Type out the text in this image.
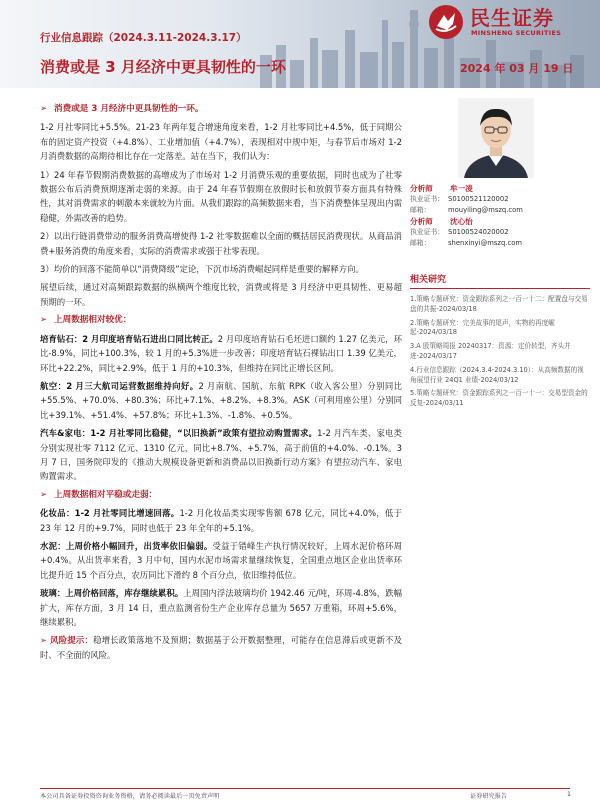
民生证券
MINSHENG SECURITIES
行业信息跟踪（2024.3.11-2024.3.17）
消费或是 3 月经济中更具韧性的一环	2024 年 03 月 19 日
➢ 消费或是 3 月经济中更具韧性的一环。

1-2 月社零同比+5.5%。21-23 年两年复合增速角度来看，1-2 月社零同比+4.5%，低于同期公布的固定资产投资（+4.8%）、工业增加值（+4.7%），表现相对中规中矩，与春节后市场对 1-2 月消费数据的高期待相比存在一定落差。站在当下，我们认为：

1）24 年春节假期消费数据的高增成为了市场对 1-2 月消费乐观的重要依据，同时也成为了社零数据公布后消费预期逐渐走弱的来源。由于 24 年春节假期在放假时长和放假节奏方面具有特殊性，其对消费需求的刺激本来就较为片面。从我们跟踪的高频数据来看，当下消费整体呈现出内需稳健，外需改善的趋势。

2）以出行链消费带动的服务消费高增使得 1-2 社零数据难以全面的概括居民消费现状。从商品消费+服务消费的角度来看，实际的消费需求或强于社零表现。

3）均价的回落不能简单以“消费降级”定论，下沉市场消费崛起同样是重要的解释方向。

展望后续，通过对高频跟踪数据的纵横两个维度比较，消费或将是 3 月经济中更具韧性、更易超预期的一环。

➢ 上周数据相对较优：

培育钻石：2 月印度培育钻石进出口同比转正。2 月印度培育钻石毛坯进口额约 1.27 亿美元，环比-8.9%，同比+100.3%，较 1 月的+5.3%进一步改善；印度培育钻石裸钻出口 1.39 亿美元，环比+22.2%，同比+2.9%，低于 1 月的+10.3%，但维持在同比正增长区间。

航空：2 月三大航司运营数据维持向好。2 月南航、国航、东航 RPK（收入客公里）分别同比+55.5%、+70.0%、+80.3%；环比+7.1%、+8.2%、+8.3%。ASK（可利用座公里）分别同比+39.1%、+51.4%、+57.8%；环比+1.3%、-1.8%、+0.5%。

汽车&家电：1-2 月社零同比稳健，“以旧换新”政策有望拉动购置需求。1-2 月汽车类、家电类分别实现社零 7112 亿元、1310 亿元，同比+8.7%、+5.7%，高于前值的+4.0%、-0.1%。3 月 7 日，国务院印发的《推动大规模设备更新和消费品以旧换新行动方案》有望拉动汽车、家电购置需求。

➢ 上周数据相对平稳或走弱：

化妆品：1-2 月社零同比增速回落。1-2 月化妆品类实现零售额 678 亿元，同比+4.0%，低于 23 年 12 月的+9.7%，同时也低于 23 年全年的+5.1%。

水泥：上周价格小幅回升，出货率依旧偏弱。受益于错峰生产执行情况较好，上周水泥价格环周+0.4%。从出货率来看，3 月中旬，国内水泥市场需求量继续恢复，全国重点地区企业出货率环比提升近 15 个百分点，农历同比下滑约 8 个百分点，依旧维持低位。

玻璃：上周价格回落，库存继续累积。上周国内浮法玻璃均价 1942.46 元/吨，环周-4.8%，跌幅扩大，库存方面，3 月 14 日，重点监测省份生产企业库存总量为 5657 万重箱，环周+5.6%，继续累积。

➢ 风险提示：稳增长政策落地不及预期；数据基于公开数据整理，可能存在信息滞后或更新不及时、不全面的风险。

分析师 牟一凌
执业证书： S0100521120002
邮箱：	mouyiling@mszq.com
分析师 沈心怡
执业证书： S0100524020002
邮箱：	shenxinyi@mszq.com
相关研究
1.策略专题研究：资金跟踪系列之一百一十二：配置盘与交易盘的共振-2024/03/18
2.策略专题研究：完美故事的尾声，实物的再度崛起-2024/03/18
3.A 股策略周报 20240317：资源：定价转型，齐头并进-2024/03/17
4.行业信息跟踪（2024.3.4-2024.3.10）：从高频数据的视角展望行业 24Q1 业绩-2024/03/12
5.策略专题研究：资金跟踪系列之一百一十一：交易型资金的反复-2024/03/11
本公司具备证券投资咨询业务资格，请务必阅读最后一页免责声明	证券研究报告	1
